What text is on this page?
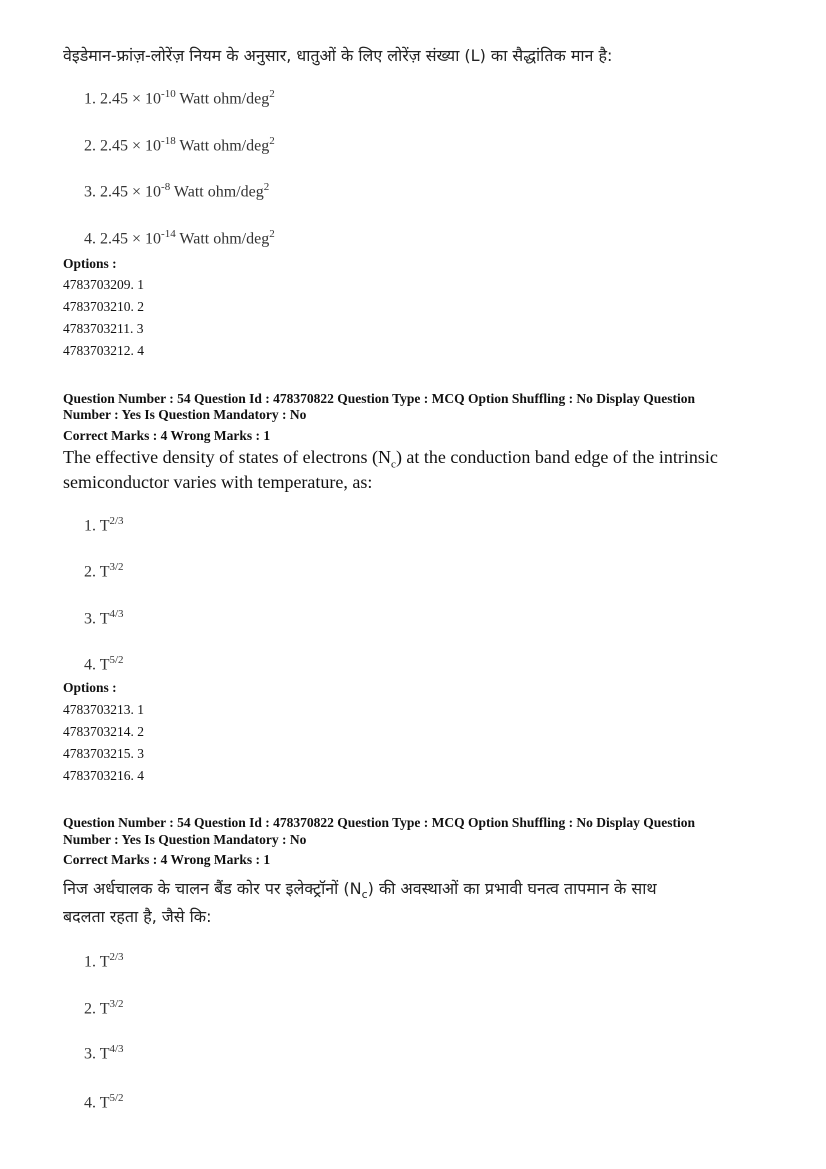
वेइडेमान-फ्रांज़-लोरेंज़ नियम के अनुसार, धातुओं के लिए लोरेंज़ संख्या (L) का सैद्धांतिक मान है:
Options :
Question Number : 54 Question Id : 478370822 Question Type : MCQ Option Shuffling : No Display Question
Number : Yes Is Question Mandatory : No
Correct Marks : 4 Wrong Marks : 1
The effective density of states of electrons $(N_c)$ at the conduction band edge of the intrinsic
semiconductor varies with temperature, as:
Options :
Question Number : 54 Question Id : 478370822 Question Type : MCQ Option Shuffling : No Display Question
Number : Yes Is Question Mandatory : No
Correct Marks : 4 Wrong Marks : 1
निज अर्धचालक के चालन बैंड कोर पर इलेक्ट्रॉनों $(N_c)$ की अवस्थाओं का प्रभावी घनत्व तापमान के साथ
बदलता रहता है, जैसे कि:
1. $2.45 \times 10^{-10}$ Watt ohm/deg$^2$
2. $2.45 \times 10^{-18}$ Watt ohm/deg$^2$
3. $2.45 \times 10^{-8}$ Watt ohm/deg$^2$
4. $2.45 \times 10^{-14}$ Watt ohm/deg$^2$
1. $T^{2/3}$
2. $T^{3/2}$
3. $T^{4/3}$
4. $T^{5/2}$
1. $T^{2/3}$
2. $T^{3/2}$
3. $T^{4/3}$
4. $T^{5/2}$
4783703209. 1
4783703210. 2
4783703211. 3
4783703212. 4
4783703213. 1
4783703214. 2
4783703215. 3
4783703216. 4
